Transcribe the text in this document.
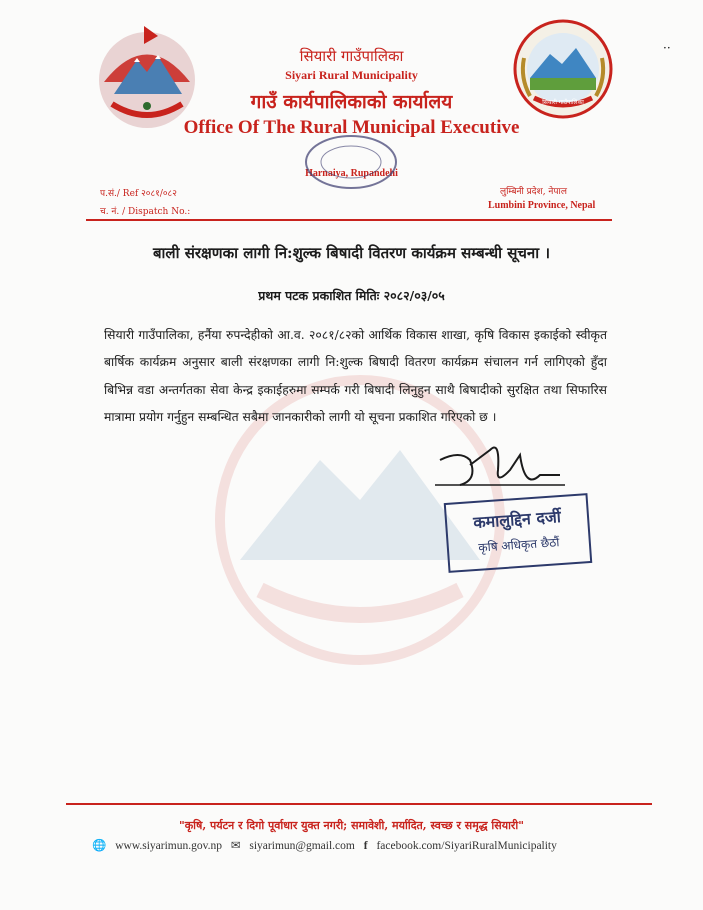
सियारी गाउँपालिका
सियारी गाउँपालिका
Siyari Rural Municipality
गाउँ कार्यपालिकाको कार्यालय
Office Of The Rural Municipal Executive
Harnaiya, Rupandehi
प.सं./ Ref २०८१/०८२
च. नं. / Dispatch No.:
लुम्बिनी प्रदेश, नेपाल
Lumbini Province, Nepal
बाली संरक्षणका लागी नि:शुल्क बिषादी वितरण कार्यक्रम सम्बन्धी सूचना ।
प्रथम पटक प्रकाशित मितिः २०८२/०३/०५
सियारी गाउँपालिका, हर्नैया रुपन्देहीको आ.व. २०८१/८२को आर्थिक विकास शाखा, कृषि विकास इकाईको स्वीकृत बार्षिक कार्यक्रम अनुसार बाली संरक्षणका लागी नि:शुल्क बिषादी वितरण कार्यक्रम संचालन गर्न लागिएको हुँदा बिभिन्न वडा अन्तर्गतका सेवा केन्द्र इकाईहरुमा सम्पर्क गरी बिषादी लिनुहुन साथै बिषादीको सुरक्षित तथा सिफारिस मात्रामा प्रयोग गर्नुहुन सम्बन्धित सबैमा जानकारीको लागी यो सूचना प्रकाशित गरिएको छ ।
कमालुद्दिन दर्जी
कृषि अधिकृत छैठौं
··
"कृषि, पर्यटन र दिगो पूर्वाधार युक्त नगरी; समावेशी, मर्यादित, स्वच्छ र समृद्ध सियारी"
🌐 www.siyarimun.gov.np ✉ siyarimun@gmail.com f facebook.com/SiyariRuralMunicipality
